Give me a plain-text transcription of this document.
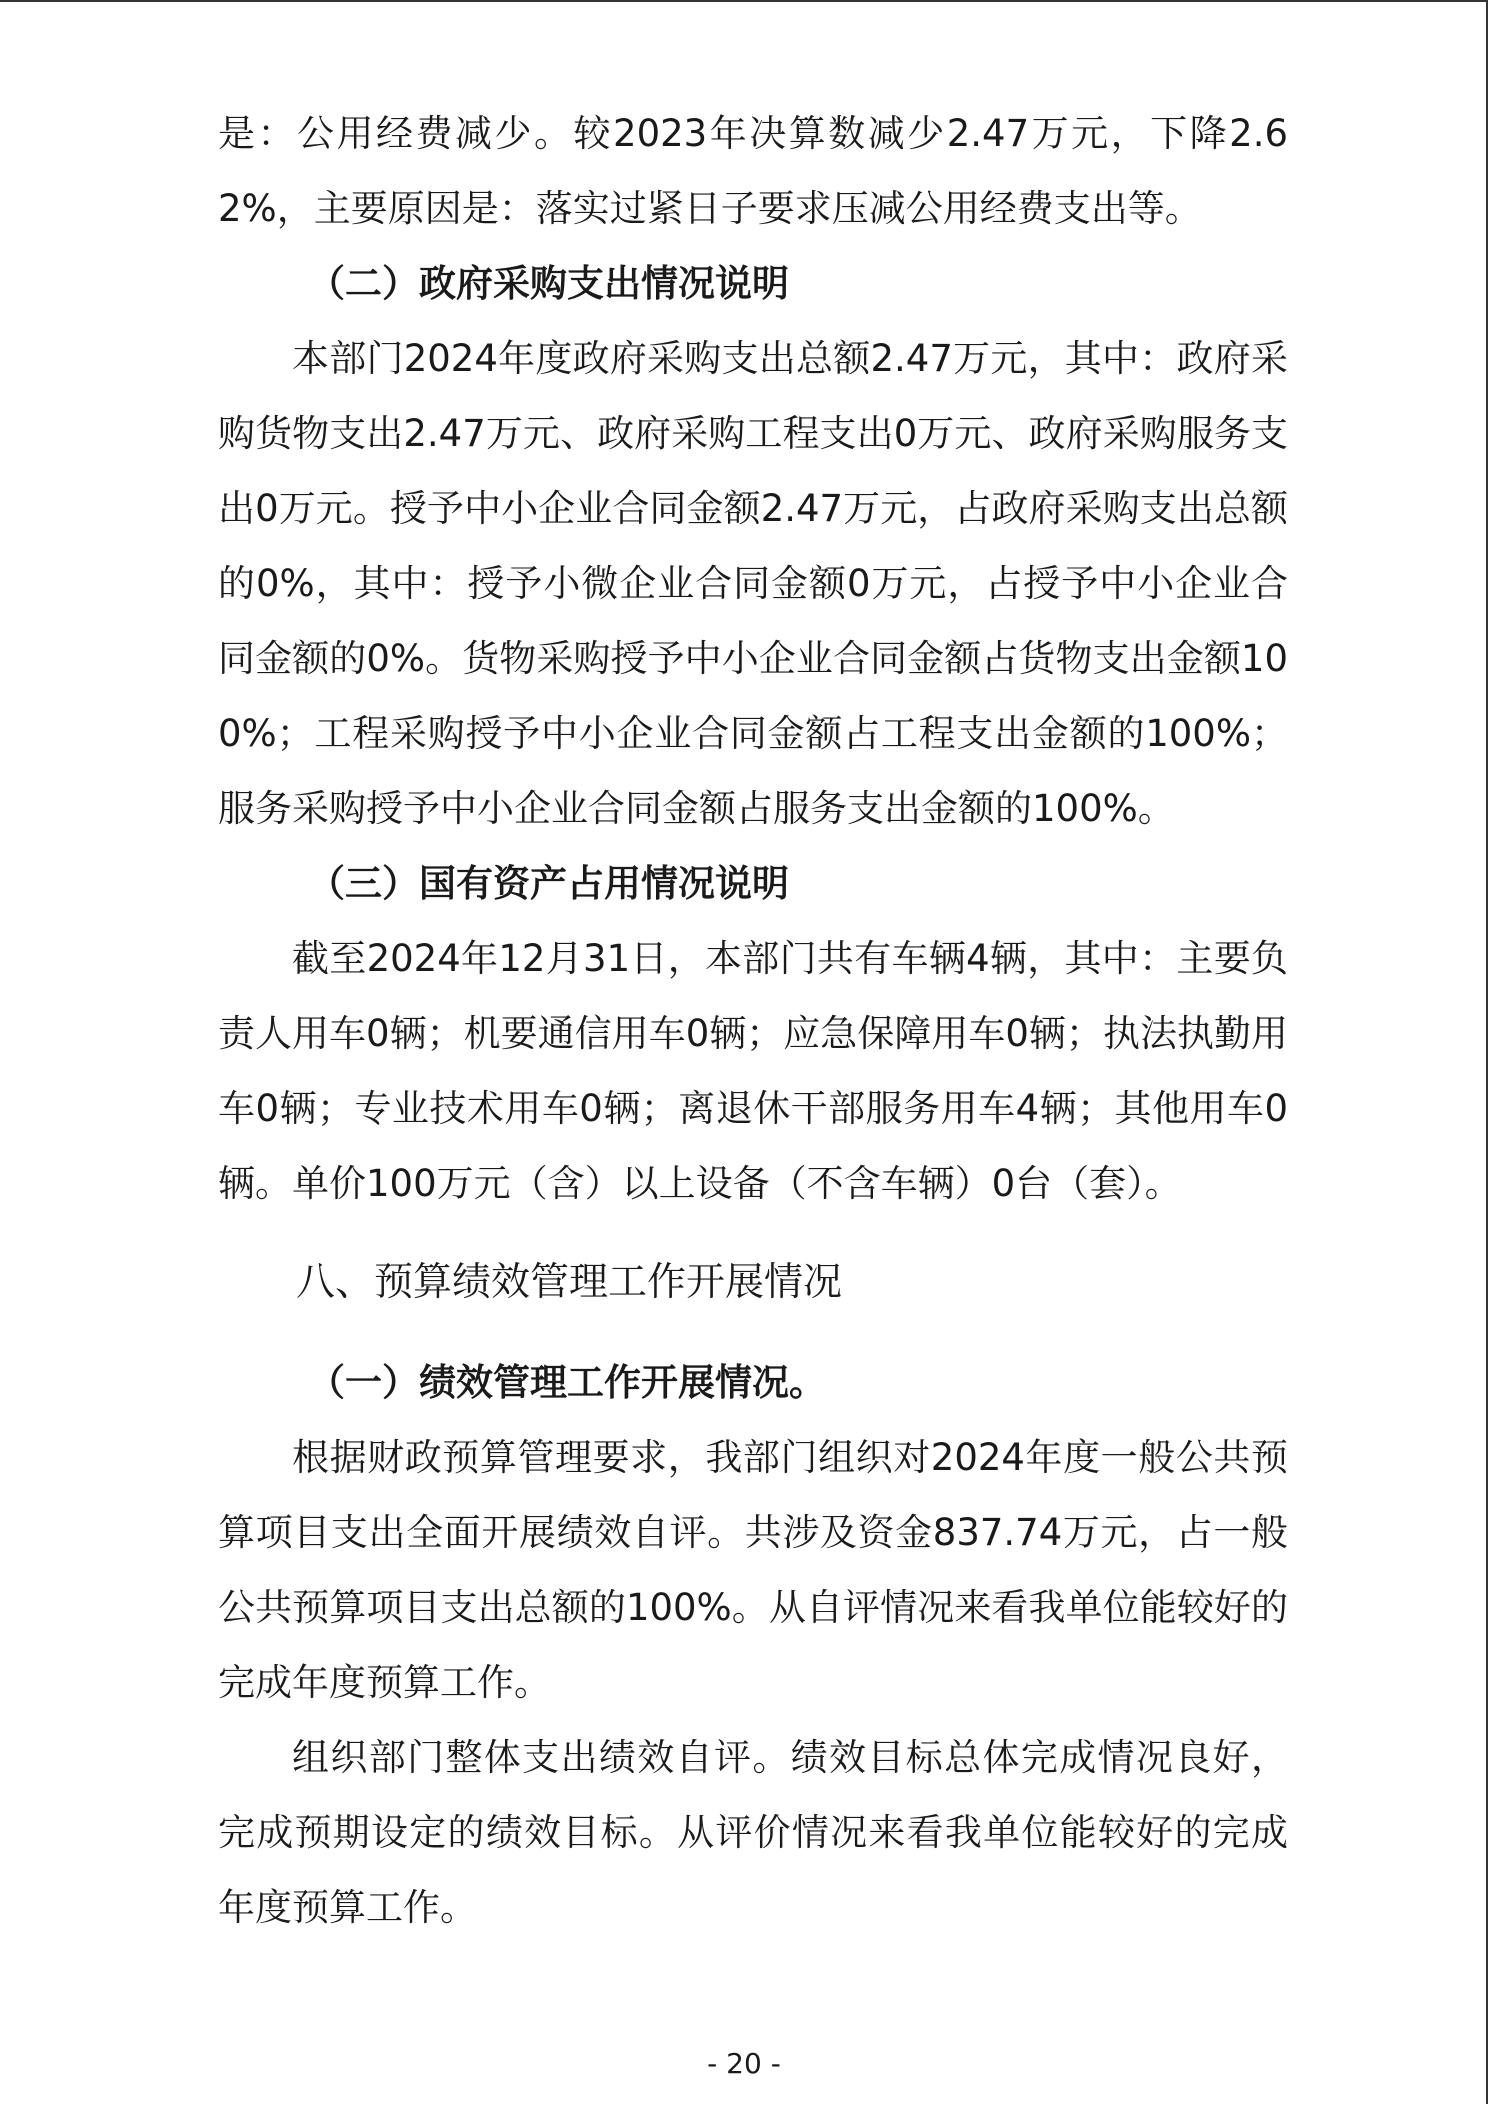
是：公用经费减少。较2023年决算数减少2.47万元，下降2.62%，主要原因是：落实过紧日子要求压减公用经费支出等。

（二）政府采购支出情况说明

本部门2024年度政府采购支出总额2.47万元，其中：政府采购货物支出2.47万元、政府采购工程支出0万元、政府采购服务支出0万元。授予中小企业合同金额2.47万元，占政府采购支出总额的0%，其中：授予小微企业合同金额0万元，占授予中小企业合同金额的0%。货物采购授予中小企业合同金额占货物支出金额100%；工程采购授予中小企业合同金额占工程支出金额的100%；服务采购授予中小企业合同金额占服务支出金额的100%。

（三）国有资产占用情况说明

截至2024年12月31日，本部门共有车辆4辆，其中：主要负责人用车0辆；机要通信用车0辆；应急保障用车0辆；执法执勤用车0辆；专业技术用车0辆；离退休干部服务用车4辆；其他用车0辆。单价100万元（含）以上设备（不含车辆）0台（套）。

八、预算绩效管理工作开展情况

（一）绩效管理工作开展情况。

根据财政预算管理要求，我部门组织对2024年度一般公共预算项目支出全面开展绩效自评。共涉及资金837.74万元，占一般公共预算项目支出总额的100%。从自评情况来看我单位能较好的完成年度预算工作。

组织部门整体支出绩效自评。绩效目标总体完成情况良好，完成预期设定的绩效目标。从评价情况来看我单位能较好的完成年度预算工作。

- 20 -
